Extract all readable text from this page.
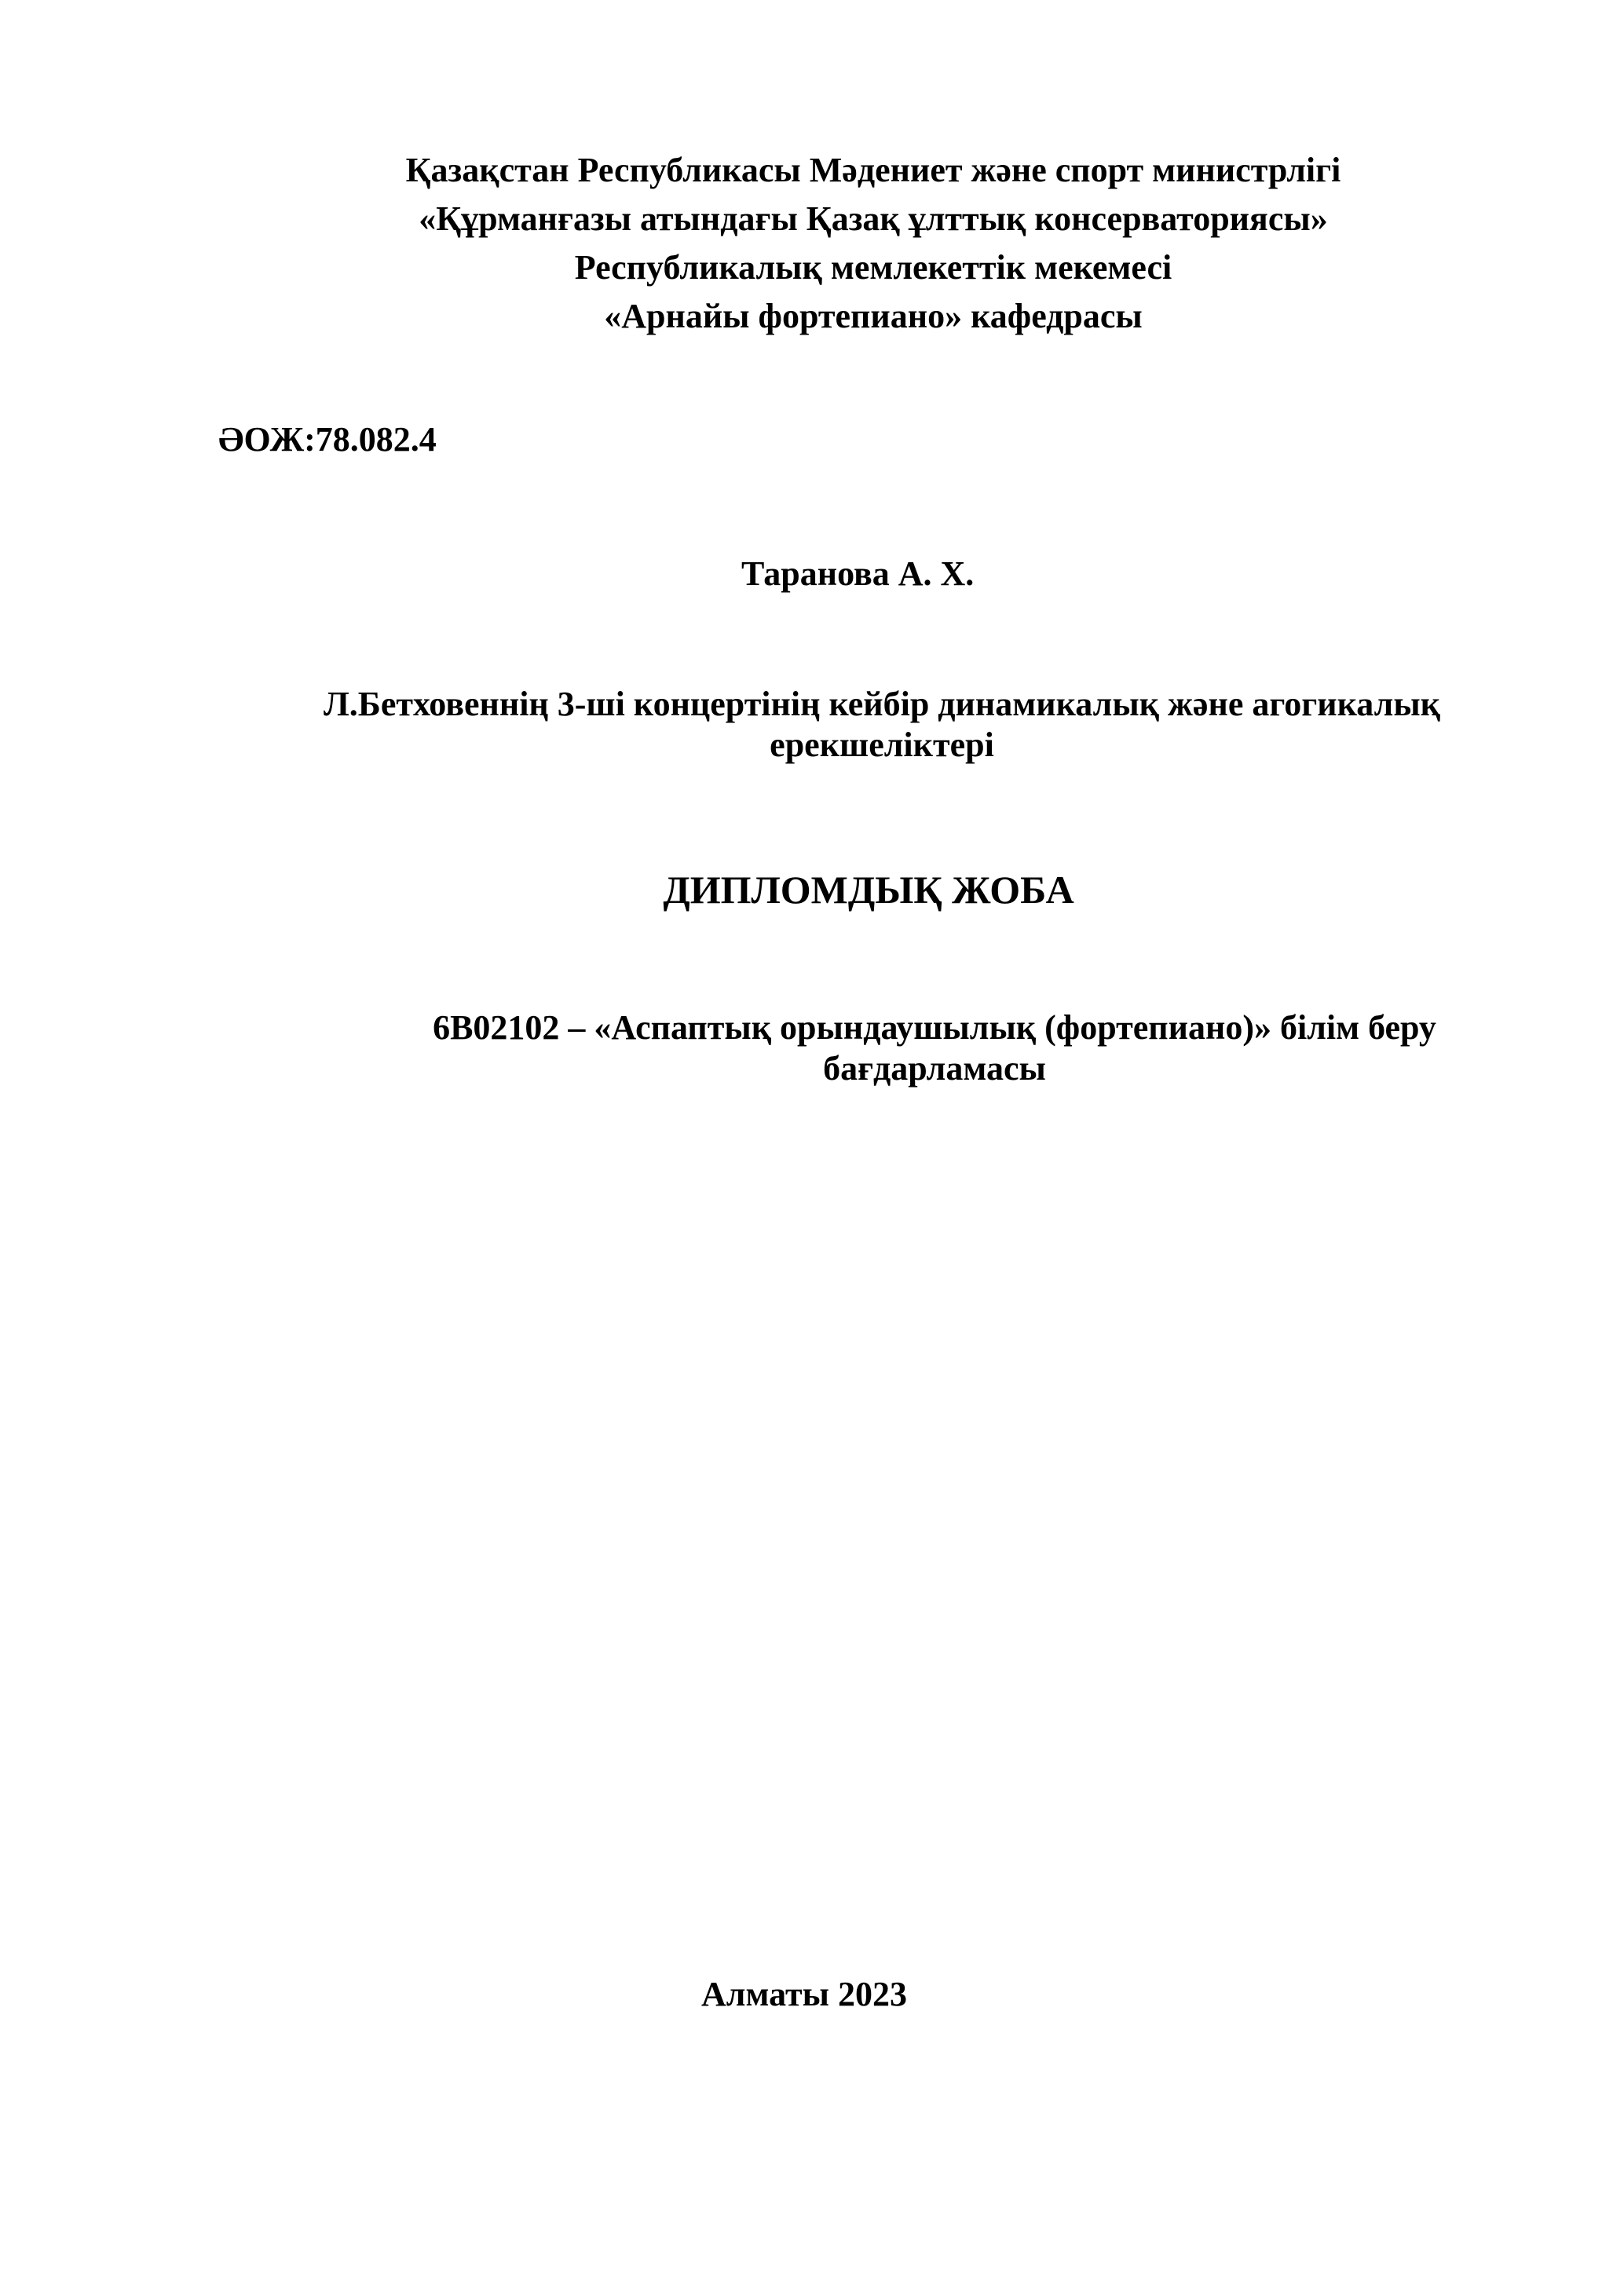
Қазақстан Республикасы Мәдениет және спорт министрлігі
«Құрманғазы атындағы Қазақ ұлттық консерваториясы»
Республикалық мемлекеттік мекемесі
«Арнайы фортепиано» кафедрасы
ӘОЖ:78.082.4
Таранова А. Х.
Л.Бетховеннің 3-ші концертінің кейбір динамикалық және агогикалық
ерекшеліктері
ДИПЛОМДЫҚ ЖОБА
6В02102 – «Аспаптық орындаушылық (фортепиано)» білім беру
бағдарламасы
Алматы 2023
